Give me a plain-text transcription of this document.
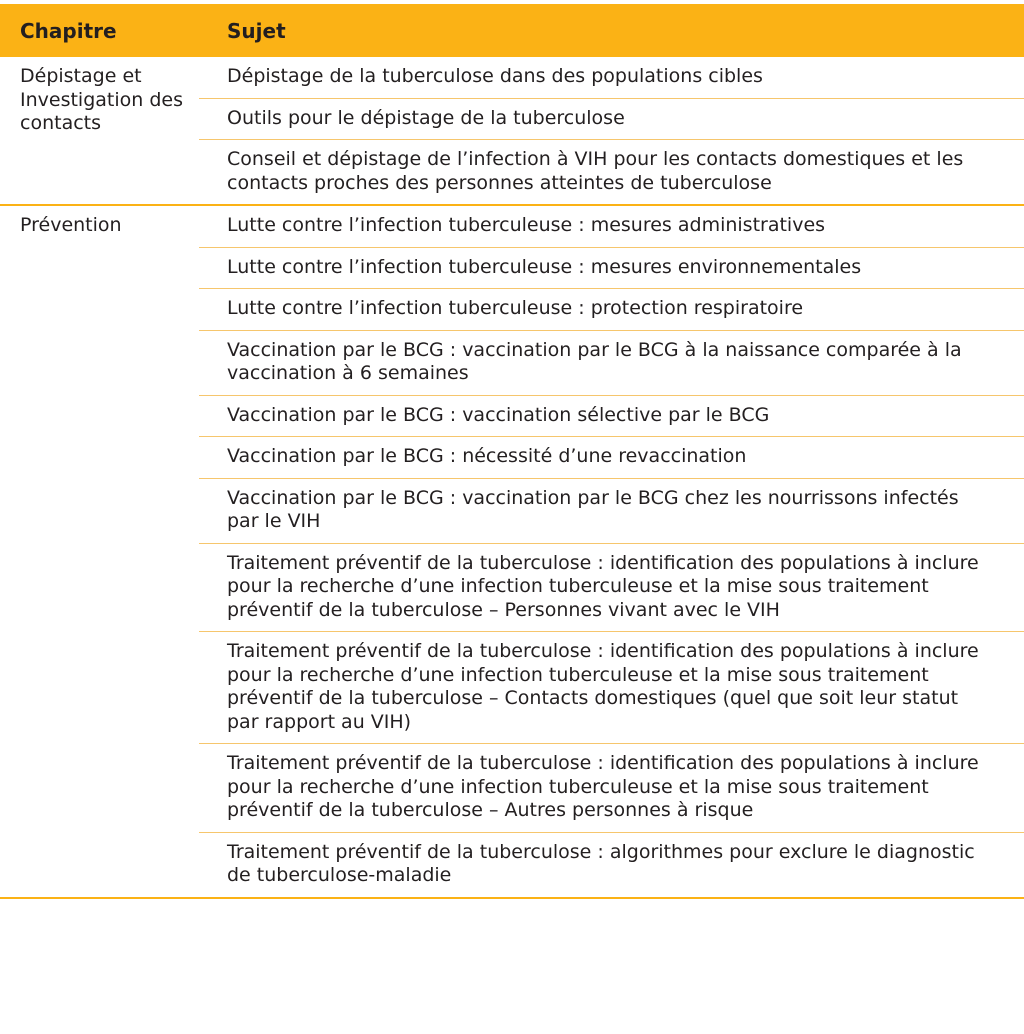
Chapitre	Sujet
Dépistage et Investigation des contacts	Dépistage de la tuberculose dans des populations cibles
	Outils pour le dépistage de la tuberculose
	Conseil et dépistage de l’infection à VIH pour les contacts domestiques et les contacts proches des personnes atteintes de tuberculose
Prévention	Lutte contre l’infection tuberculeuse : mesures administratives
	Lutte contre l’infection tuberculeuse : mesures environnementales
	Lutte contre l’infection tuberculeuse : protection respiratoire
	Vaccination par le BCG : vaccination par le BCG à la naissance comparée à la vaccination à 6 semaines
	Vaccination par le BCG : vaccination sélective par le BCG
	Vaccination par le BCG : nécessité d’une revaccination
	Vaccination par le BCG : vaccination par le BCG chez les nourrissons infectés par le VIH
	Traitement préventif de la tuberculose : identification des populations à inclure pour la recherche d’une infection tuberculeuse et la mise sous traitement préventif de la tuberculose – Personnes vivant avec le VIH
	Traitement préventif de la tuberculose : identification des populations à inclure pour la recherche d’une infection tuberculeuse et la mise sous traitement préventif de la tuberculose – Contacts domestiques (quel que soit leur statut par rapport au VIH)
	Traitement préventif de la tuberculose : identification des populations à inclure pour la recherche d’une infection tuberculeuse et la mise sous traitement préventif de la tuberculose – Autres personnes à risque
	Traitement préventif de la tuberculose : algorithmes pour exclure le diagnostic de tuberculose-maladie
